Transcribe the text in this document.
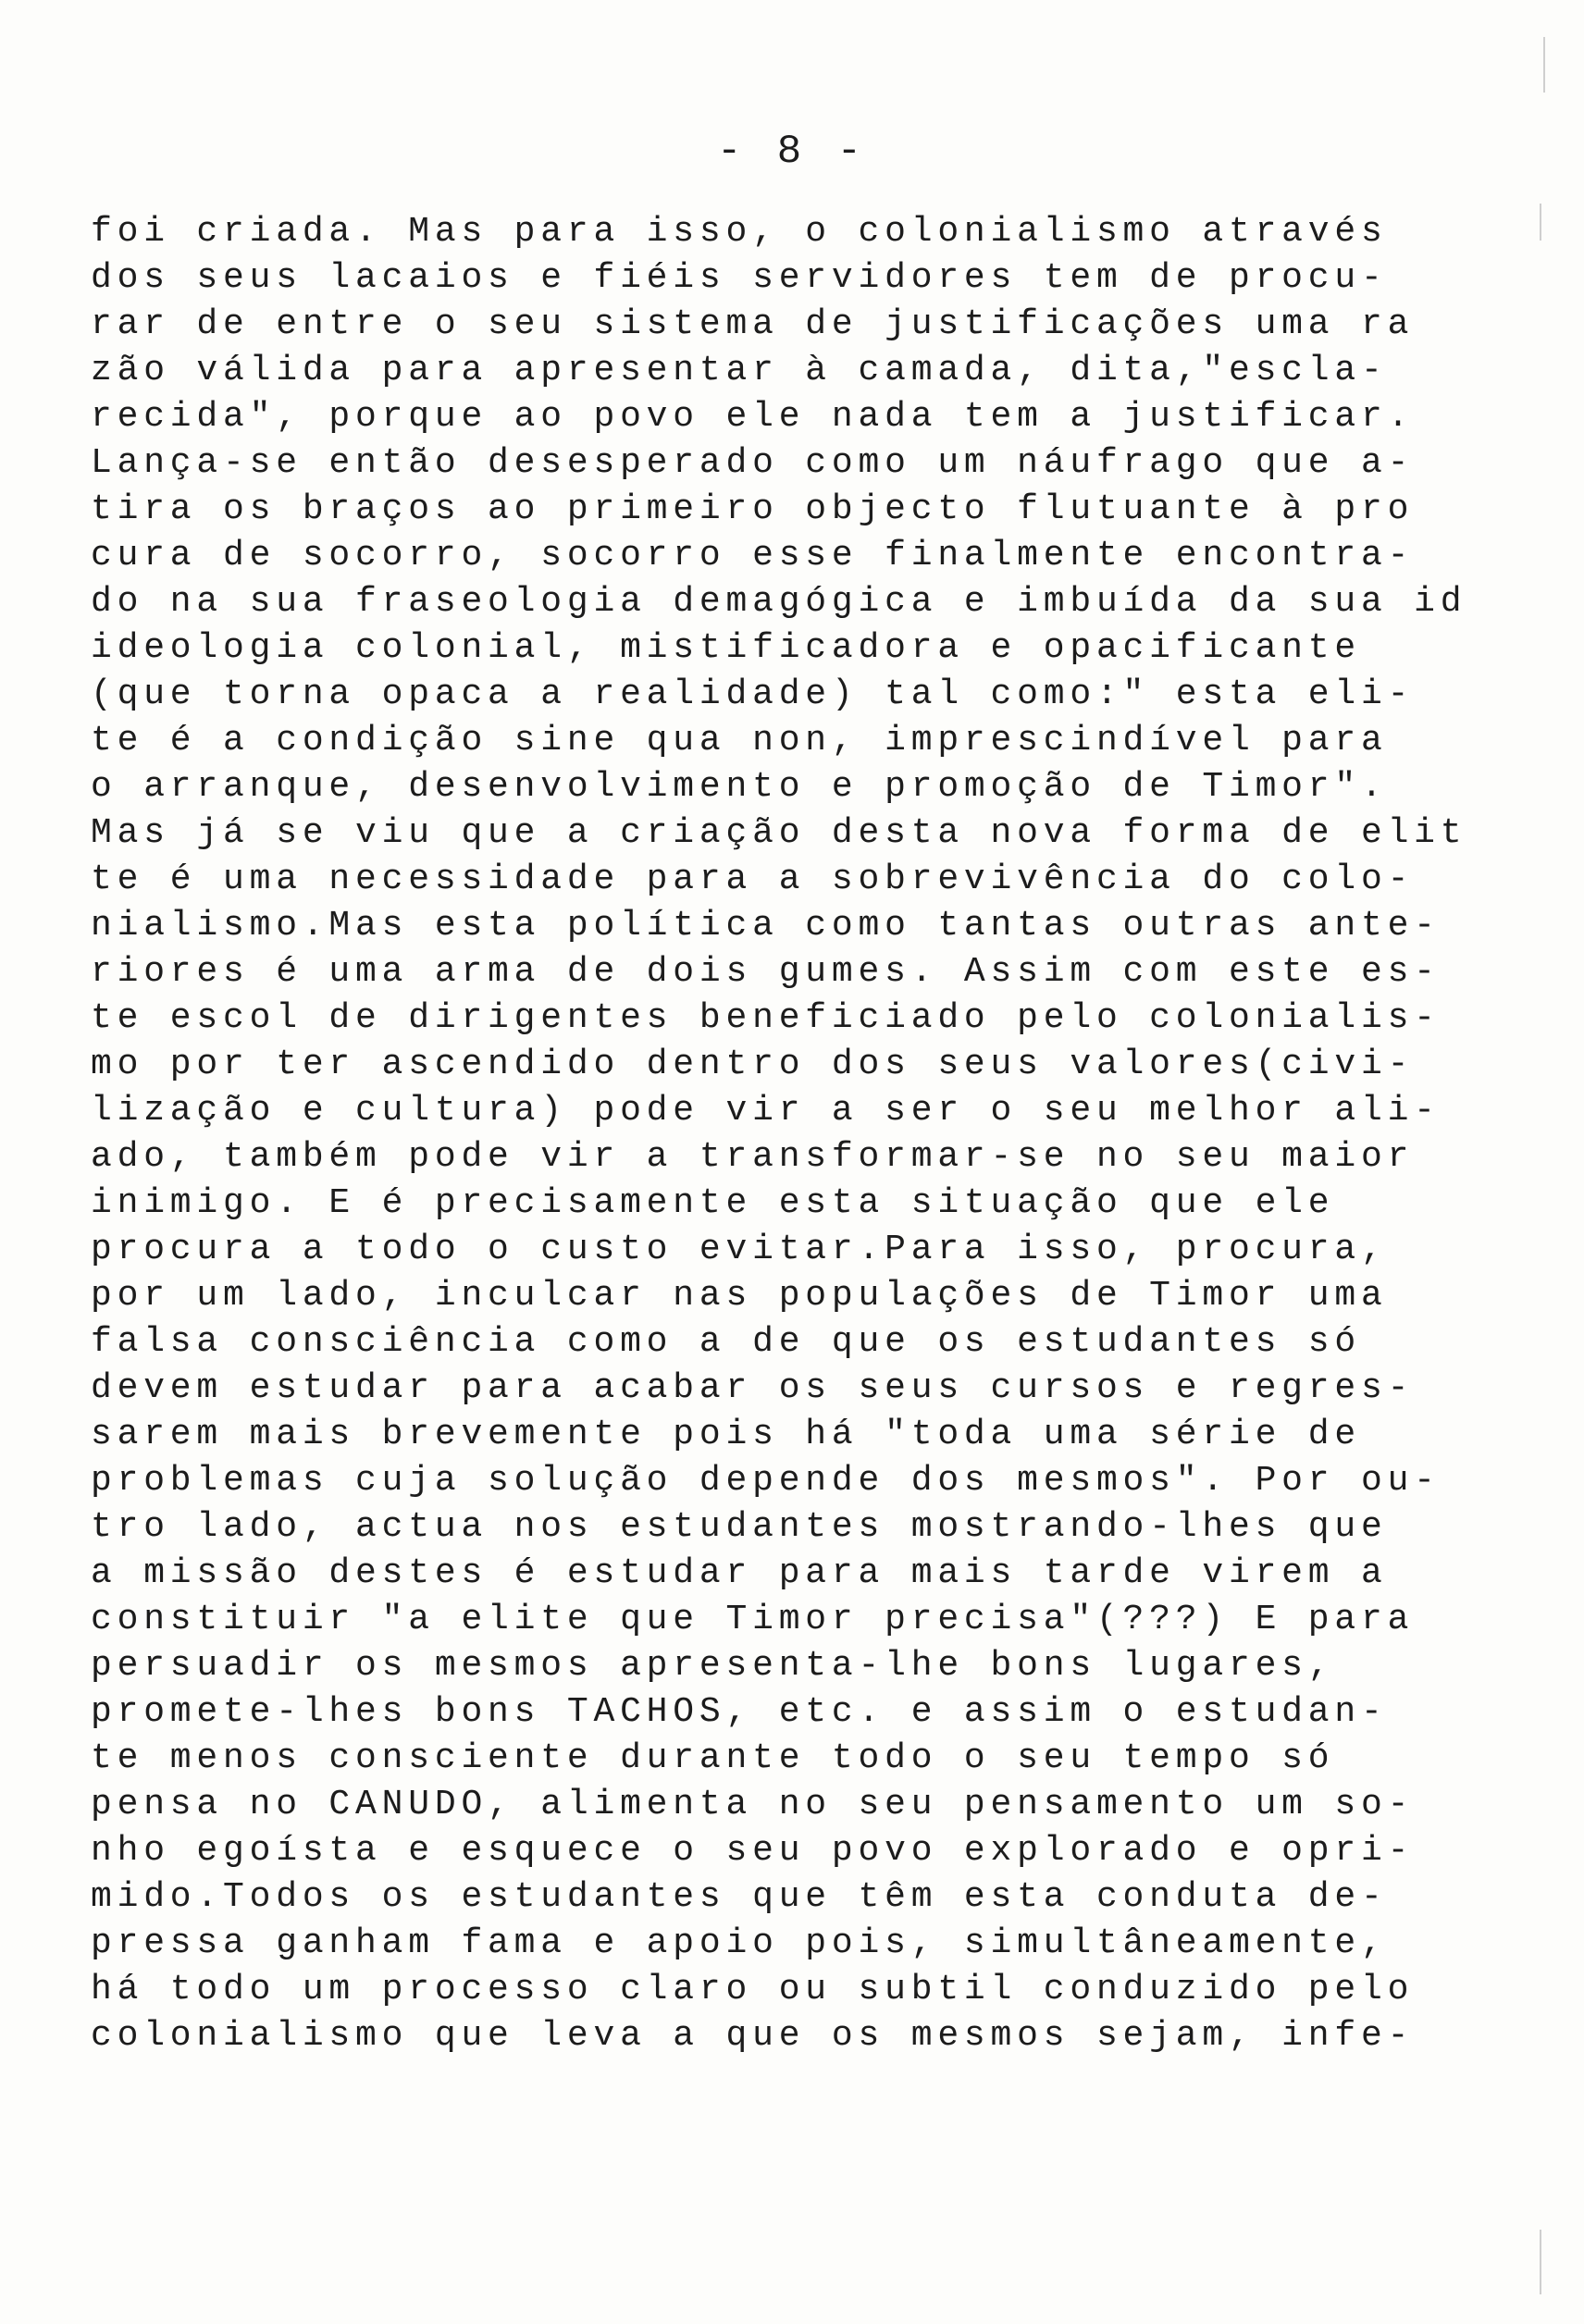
- 8 -
foi criada. Mas para isso, o colonialismo através
dos seus lacaios e fiéis servidores tem de procu-
rar de entre o seu sistema de justificações uma ra
zão válida para apresentar à camada, dita,"escla-
recida", porque ao povo ele nada tem a justificar.
Lança-se então desesperado como um náufrago que a-
tira os braços ao primeiro objecto flutuante à pro
cura de socorro, socorro esse finalmente encontra-
do na sua fraseologia demagógica e imbuída da sua id
ideologia colonial, mistificadora e opacificante
(que torna opaca a realidade) tal como:" esta eli-
te é a condição sine qua non, imprescindível para
o arranque, desenvolvimento e promoção de Timor".
Mas já se viu que a criação desta nova forma de elit
te é uma necessidade para a sobrevivência do colo-
nialismo.Mas esta política como tantas outras ante-
riores é uma arma de dois gumes. Assim com este es-
te escol de dirigentes beneficiado pelo colonialis-
mo por ter ascendido dentro dos seus valores(civi-
lização e cultura) pode vir a ser o seu melhor ali-
ado, também pode vir a transformar-se no seu maior
inimigo. E é precisamente esta situação que ele
procura a todo o custo evitar.Para isso, procura,
por um lado, inculcar nas populações de Timor uma
falsa consciência como a de que os estudantes só
devem estudar para acabar os seus cursos e regres-
sarem mais brevemente pois há "toda uma série de
problemas cuja solução depende dos mesmos". Por ou-
tro lado, actua nos estudantes mostrando-lhes que
a missão destes é estudar para mais tarde virem a
constituir "a elite que Timor precisa"(???) E para
persuadir os mesmos apresenta-lhe bons lugares,
promete-lhes bons TACHOS, etc. e assim o estudan-
te menos consciente durante todo o seu tempo só
pensa no CANUDO, alimenta no seu pensamento um so-
nho egoísta e esquece o seu povo explorado e opri-
mido.Todos os estudantes que têm esta conduta de-
pressa ganham fama e apoio pois, simultâneamente,
há todo um processo claro ou subtil conduzido pelo
colonialismo que leva a que os mesmos sejam, infe-
